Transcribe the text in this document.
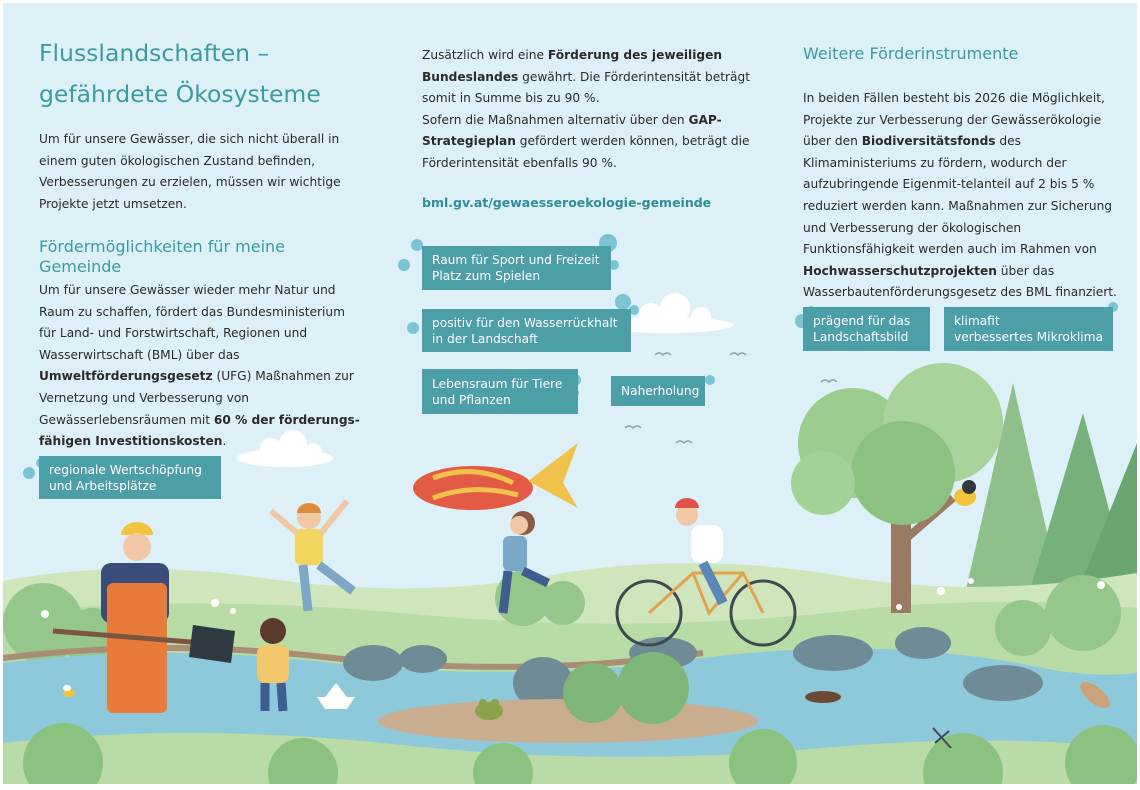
Flusslandschaften –
gefährdete Ökosysteme

Um für unsere Gewässer, die sich nicht überall in einem guten ökologischen Zustand befinden, Verbesserungen zu erzielen, müssen wir wichtige Projekte jetzt umsetzen.

Fördermöglichkeiten für meine Gemeinde

Um für unsere Gewässer wieder mehr Natur und Raum zu schaffen, fördert das Bundesministerium für Land- und Forstwirtschaft, Regionen und Wasserwirtschaft (BML) über das Umweltförderungsgesetz (UFG) Maßnahmen zur Vernetzung und Verbesserung von Gewässerlebensräumen mit 60 % der förderungs-fähigen Investitionskosten.

Zusätzlich wird eine Förderung des jeweiligen Bundeslandes gewährt. Die Förderintensität beträgt somit in Summe bis zu 90 %.
Sofern die Maßnahmen alternativ über den GAP-Strategieplan gefördert werden können, beträgt die Förderintensität ebenfalls 90 %.

bml.gv.at/gewaesseroekologie-gemeinde
Weitere Förderinstrumente

In beiden Fällen besteht bis 2026 die Möglichkeit, Projekte zur Verbesserung der Gewässerökologie über den Biodiversitätsfonds des Klimaministeriums zu fördern, wodurch der aufzubringende Eigenmit-telanteil auf 2 bis 5 % reduziert werden kann. Maßnahmen zur Sicherung und Verbesserung der ökologischen Funktionsfähigkeit werden auch im Rahmen von Hochwasserschutzprojekten über das Wasserbautenförderungsgesetz des BML finanziert.

Raum für Sport und Freizeit
Platz zum Spielen
positiv für den Wasserrückhalt
in der Landschaft
Lebensraum für Tiere
und Pflanzen
Naherholung
prägend für das
Landschaftsbild
klimafit
verbessertes Mikroklima
regionale Wertschöpfung
und Arbeitsplätze
